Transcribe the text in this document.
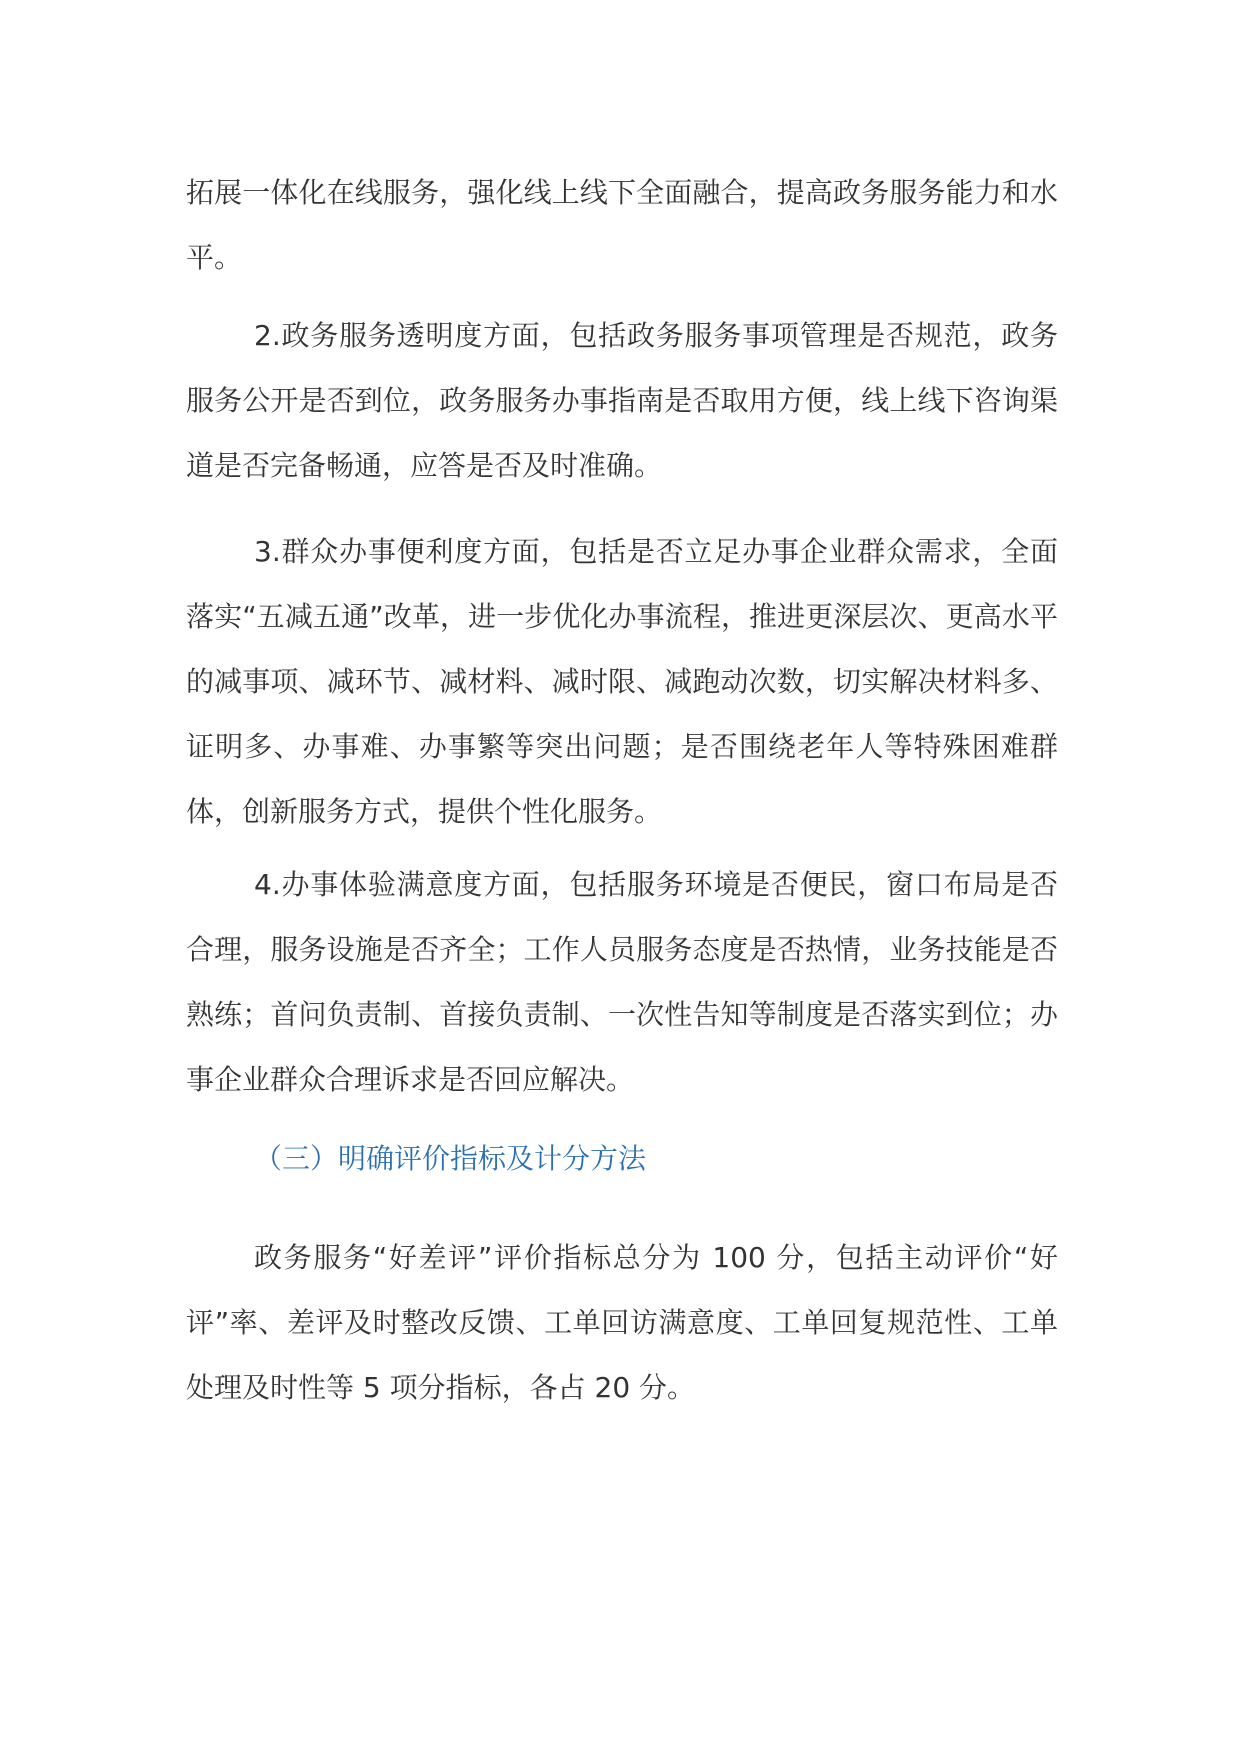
拓展一体化在线服务，强化线上线下全面融合，提高政务服务能力和水平。

2.政务服务透明度方面，包括政务服务事项管理是否规范，政务服务公开是否到位，政务服务办事指南是否取用方便，线上线下咨询渠道是否完备畅通，应答是否及时准确。

3.群众办事便利度方面，包括是否立足办事企业群众需求，全面落实“五减五通”改革，进一步优化办事流程，推进更深层次、更高水平的减事项、减环节、减材料、减时限、减跑动次数，切实解决材料多、证明多、办事难、办事繁等突出问题；是否围绕老年人等特殊困难群体，创新服务方式，提供个性化服务。

4.办事体验满意度方面，包括服务环境是否便民，窗口布局是否合理，服务设施是否齐全；工作人员服务态度是否热情，业务技能是否熟练；首问负责制、首接负责制、一次性告知等制度是否落实到位；办事企业群众合理诉求是否回应解决。

（三）明确评价指标及计分方法

政务服务“好差评”评价指标总分为 100 分，包括主动评价“好评”率、差评及时整改反馈、工单回访满意度、工单回复规范性、工单处理及时性等 5 项分指标，各占 20 分。
